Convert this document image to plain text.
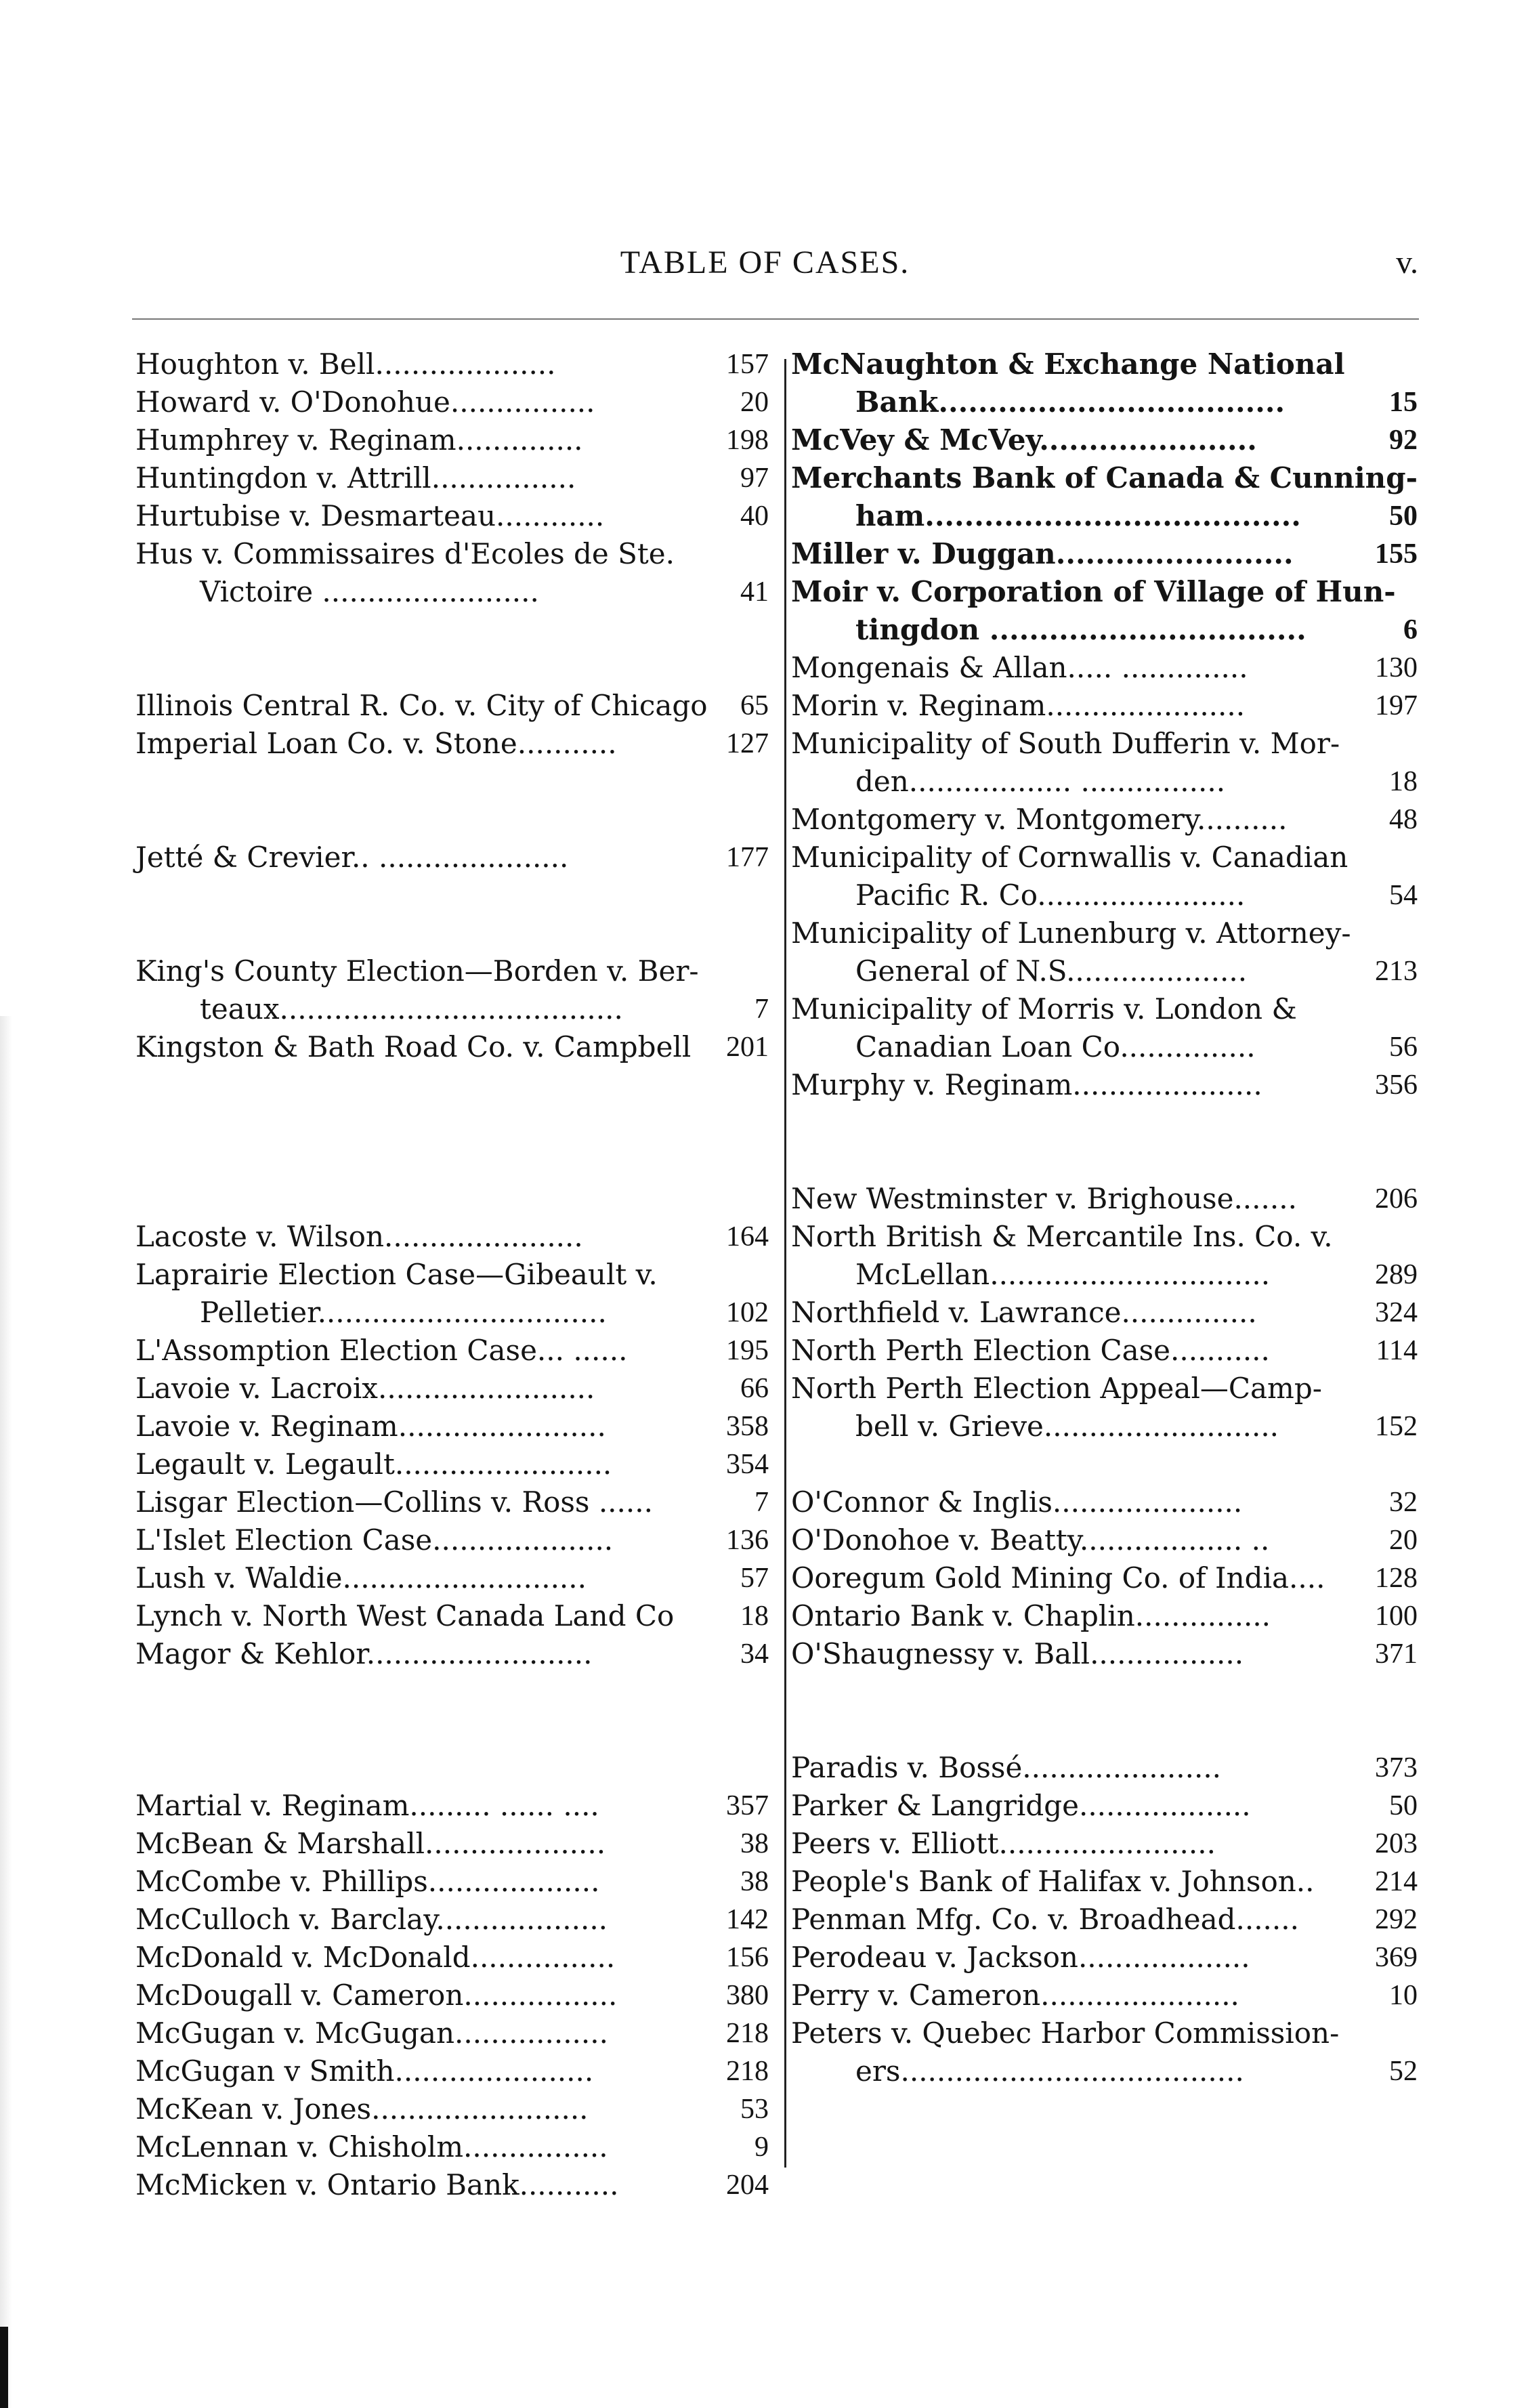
TABLE OF CASES.	v.
Houghton v. Bell....................	157
Howard v. O'Donohue................	20
Humphrey v. Reginam..............	198
Huntingdon v. Attrill................	97
Hurtubise v. Desmarteau............	40
Hus v. Commissaires d'Ecoles de Ste.
Victoire ........................	41
Illinois Central R. Co. v. City of Chicago	65
Imperial Loan Co. v. Stone...........	127
Jetté & Crevier.. .....................	177
King's County Election—Borden v. Ber-
teaux......................................	7
Kingston & Bath Road Co. v. Campbell	201
Lacoste v. Wilson......................	164
Laprairie Election Case—Gibeault v.
Pelletier................................	102
L'Assomption Election Case... ......	195
Lavoie v. Lacroix........................	66
Lavoie v. Reginam.......................	358
Legault v. Legault........................	354
Lisgar Election—Collins v. Ross ......	7
L'Islet Election Case....................	136
Lush v. Waldie...........................	57
Lynch v. North West Canada Land Co	18
Magor & Kehlor.........................	34
Martial v. Reginam......... ...... ....	357
McBean & Marshall....................	38
McCombe v. Phillips...................	38
McCulloch v. Barclay...................	142
McDonald v. McDonald................	156
McDougall v. Cameron.................	380
McGugan v. McGugan.................	218
McGugan v Smith......................	218
McKean v. Jones........................	53
McLennan v. Chisholm................	9
McMicken v. Ontario Bank...........	204
McNaughton & Exchange National
Bank...................................	15
McVey & McVey......................	92
Merchants Bank of Canada & Cunning-
ham......................................	50
Miller v. Duggan........................	155
Moir v. Corporation of Village of Hun-
tingdon ................................	6
Mongenais & Allan..... ..............	130
Morin v. Reginam......................	197
Municipality of South Dufferin v. Mor-
den.................. ................	18
Montgomery v. Montgomery..........	48
Municipality of Cornwallis v. Canadian
Pacific R. Co.......................	54
Municipality of Lunenburg v. Attorney-
General of N.S....................	213
Municipality of Morris v. London &
Canadian Loan Co...............	56
Murphy v. Reginam.....................	356
New Westminster v. Brighouse.......	206
North British & Mercantile Ins. Co. v.
McLellan...............................	289
Northfield v. Lawrance...............	324
North Perth Election Case...........	114
North Perth Election Appeal—Camp-
bell v. Grieve..........................	152
O'Connor & Inglis.....................	32
O'Donohoe v. Beatty.................. ..	20
Ooregum Gold Mining Co. of India....	128
Ontario Bank v. Chaplin...............	100
O'Shaugnessy v. Ball.................	371
Paradis v. Bossé......................	373
Parker & Langridge...................	50
Peers v. Elliott........................	203
People's Bank of Halifax v. Johnson..	214
Penman Mfg. Co. v. Broadhead.......	292
Perodeau v. Jackson...................	369
Perry v. Cameron......................	10
Peters v. Quebec Harbor Commission-
ers......................................	52
